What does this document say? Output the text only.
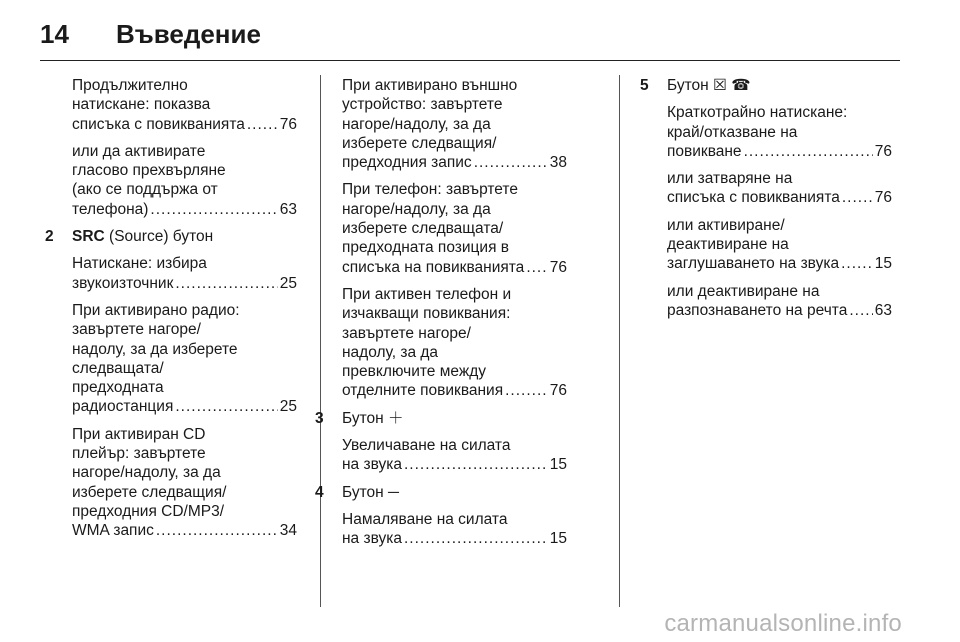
14	Въведение
Продължително
натискане: показва
списъка с повикванията ..... 76
или да активирате
гласово прехвърляне
(ако се поддържа от
телефона) .....	63
2 SRC (Source) бутон
Натискане: избира
звукоизточник .....	25
При активирано радио:
завъртете нагоре/
надолу, за да изберете
следващата/
предходната
радиостанция .....	25
При активиран CD
плейър: завъртете
нагоре/надолу, за да
изберете следващия/
предходния CD/MP3/
WMA запис .....	34
При активирано външно
устройство: завъртете
нагоре/надолу, за да
изберете следващия/
предходния запис .....	38
При телефон: завъртете
нагоре/надолу, за да
изберете следващата/
предходната позиция в
списъка на повикванията ..... 76
При активен телефон и
изчакващи повиквания:
завъртете нагоре/
надолу, за да
превключите между
отделните повиквания .....	76
3 Бутон ＋
Увеличаване на силата
на звука .....	15
4 Бутон ─
Намаляване на силата
на звука .....	15
5 Бутон ☒ ☎
Краткотрайно натискане:
край/отказване на
повикване .....	76
или затваряне на
списъка с повикванията ..... 76
или активиране/
деактивиране на
заглушаването на звука ..... 15
или деактивиране на
разпознаването на речта ..... 63
carmanualsonline.info
